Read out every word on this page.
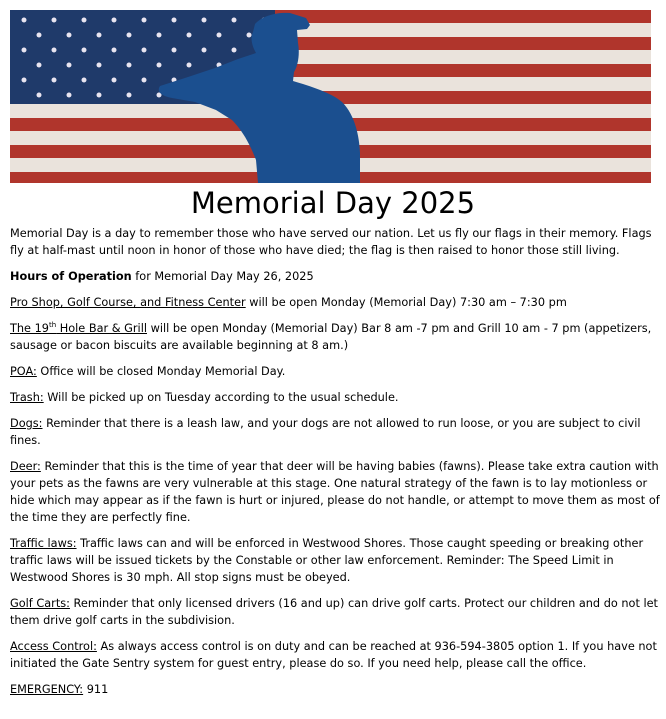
Memorial Day 2025

Memorial Day is a day to remember those who have served our nation. Let us fly our flags in their memory. Flags fly at half-mast until noon in honor of those who have died; the flag is then raised to honor those still living.

Hours of Operation for Memorial Day May 26, 2025

Pro Shop, Golf Course, and Fitness Center will be open Monday (Memorial Day) 7:30 am – 7:30 pm

The 19th Hole Bar & Grill will be open Monday (Memorial Day) Bar 8 am -7 pm and Grill 10 am - 7 pm (appetizers, sausage or bacon biscuits are available beginning at 8 am.)

POA: Office will be closed Monday Memorial Day.

Trash: Will be picked up on Tuesday according to the usual schedule.

Dogs: Reminder that there is a leash law, and your dogs are not allowed to run loose, or you are subject to civil fines.

Deer: Reminder that this is the time of year that deer will be having babies (fawns). Please take extra caution with your pets as the fawns are very vulnerable at this stage. One natural strategy of the fawn is to lay motionless or hide which may appear as if the fawn is hurt or injured, please do not handle, or attempt to move them as most of the time they are perfectly fine.

Traffic laws: Traffic laws can and will be enforced in Westwood Shores. Those caught speeding or breaking other traffic laws will be issued tickets by the Constable or other law enforcement. Reminder: The Speed Limit in Westwood Shores is 30 mph. All stop signs must be obeyed.

Golf Carts: Reminder that only licensed drivers (16 and up) can drive golf carts. Protect our children and do not let them drive golf carts in the subdivision.

Access Control: As always access control is on duty and can be reached at 936-594-3805 option 1. If you have not initiated the Gate Sentry system for guest entry, please do so. If you need help, please call the office.

EMERGENCY: 911
